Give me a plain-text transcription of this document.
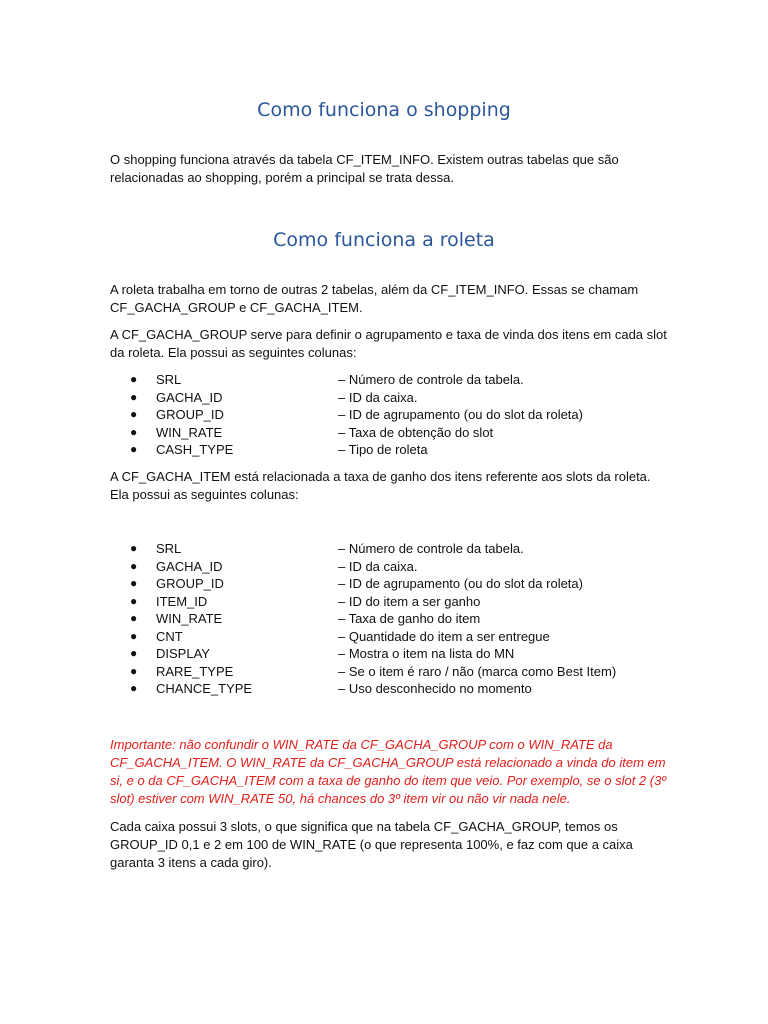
Como funciona o shopping

O shopping funciona através da tabela CF_ITEM_INFO. Existem outras tabelas que são relacionadas ao shopping, porém a principal se trata dessa.

Como funciona a roleta

A roleta trabalha em torno de outras 2 tabelas, além da CF_ITEM_INFO. Essas se chamam CF_GACHA_GROUP e CF_GACHA_ITEM.

A CF_GACHA_GROUP serve para definir o agrupamento e taxa de vinda dos itens em cada slot da roleta. Ela possui as seguintes colunas:

● SRL	– Número de controle da tabela.
● GACHA_ID	– ID da caixa.
● GROUP_ID	– ID de agrupamento (ou do slot da roleta)
● WIN_RATE	– Taxa de obtenção do slot
● CASH_TYPE	– Tipo de roleta

A CF_GACHA_ITEM está relacionada a taxa de ganho dos itens referente aos slots da roleta. Ela possui as seguintes colunas:

● SRL	– Número de controle da tabela.
● GACHA_ID	– ID da caixa.
● GROUP_ID	– ID de agrupamento (ou do slot da roleta)
● ITEM_ID	– ID do item a ser ganho
● WIN_RATE	– Taxa de ganho do item
● CNT	– Quantidade do item a ser entregue
● DISPLAY	– Mostra o item na lista do MN
● RARE_TYPE	– Se o item é raro / não (marca como Best Item)
● CHANCE_TYPE	– Uso desconhecido no momento

Importante: não confundir o WIN_RATE da CF_GACHA_GROUP com o WIN_RATE da CF_GACHA_ITEM. O WIN_RATE da CF_GACHA_GROUP está relacionado a vinda do item em si, e o da CF_GACHA_ITEM com a taxa de ganho do item que veio. Por exemplo, se o slot 2 (3º slot) estiver com WIN_RATE 50, há chances do 3º item vir ou não vir nada nele.

Cada caixa possui 3 slots, o que significa que na tabela CF_GACHA_GROUP, temos os GROUP_ID 0,1 e 2 em 100 de WIN_RATE (o que representa 100%, e faz com que a caixa garanta 3 itens a cada giro).
